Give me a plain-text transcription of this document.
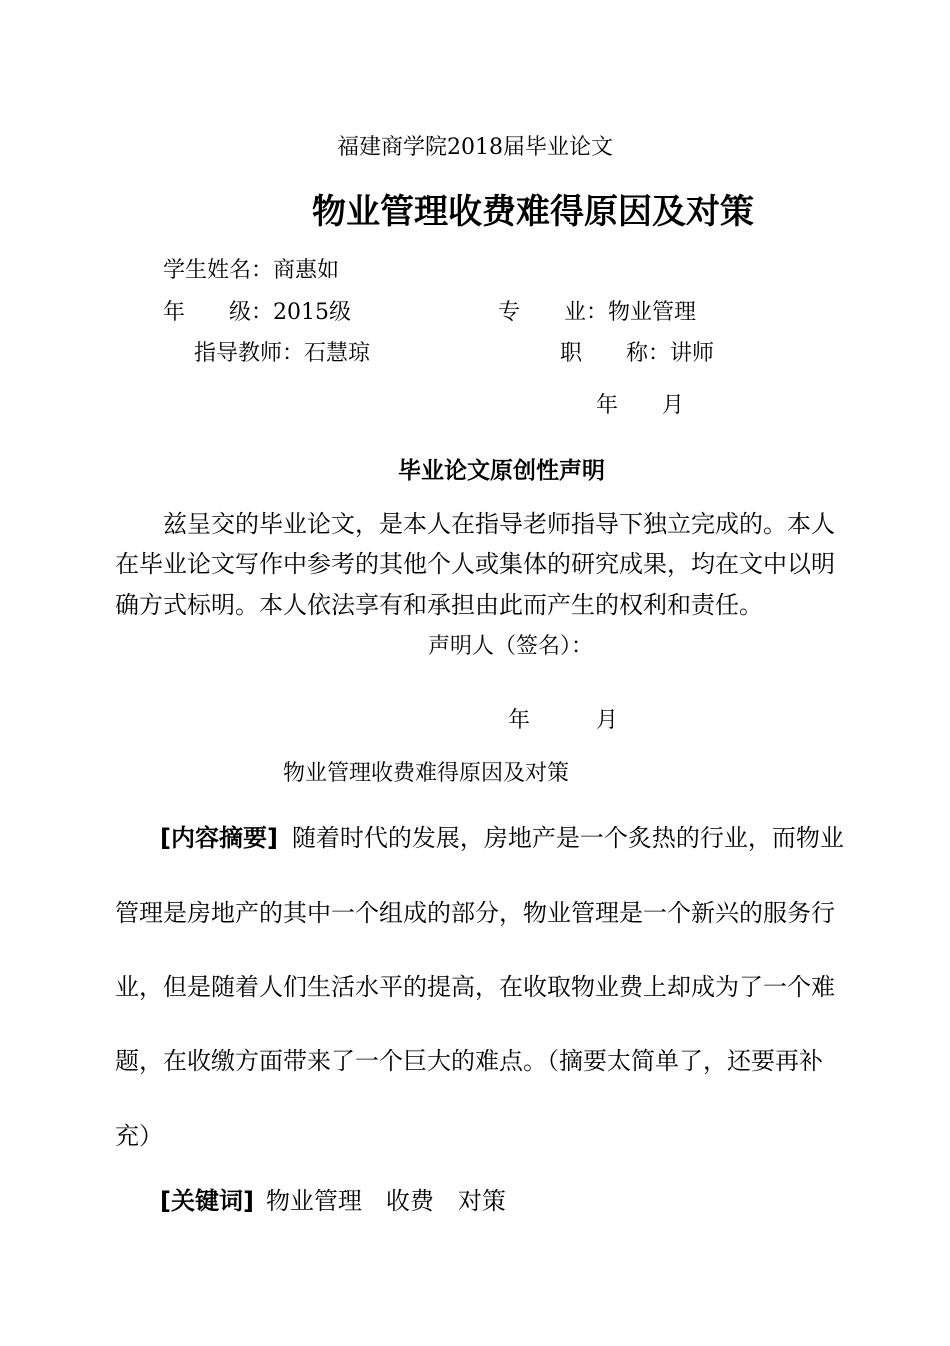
福建商学院2018届毕业论文
物业管理收费难得原因及对策
学生姓名：商惠如
年　　级：2015级	专　　业：物业管理
指导教师：石慧琼	职　　称：讲师
年　　月
毕业论文原创性声明
兹呈交的毕业论文，是本人在指导老师指导下独立完成的。本人
在毕业论文写作中参考的其他个人或集体的研究成果，均在文中以明
确方式标明。本人依法享有和承担由此而产生的权利和责任。
声明人（签名）：
年　　　月
物业管理收费难得原因及对策
[内容摘要] 随着时代的发展，房地产是一个炙热的行业，而物业
管理是房地产的其中一个组成的部分，物业管理是一个新兴的服务行
业，但是随着人们生活水平的提高，在收取物业费上却成为了一个难
题，在收缴方面带来了一个巨大的难点。（摘要太简单了，还要再补
充）
[关键词] 物业管理　收费　对策
